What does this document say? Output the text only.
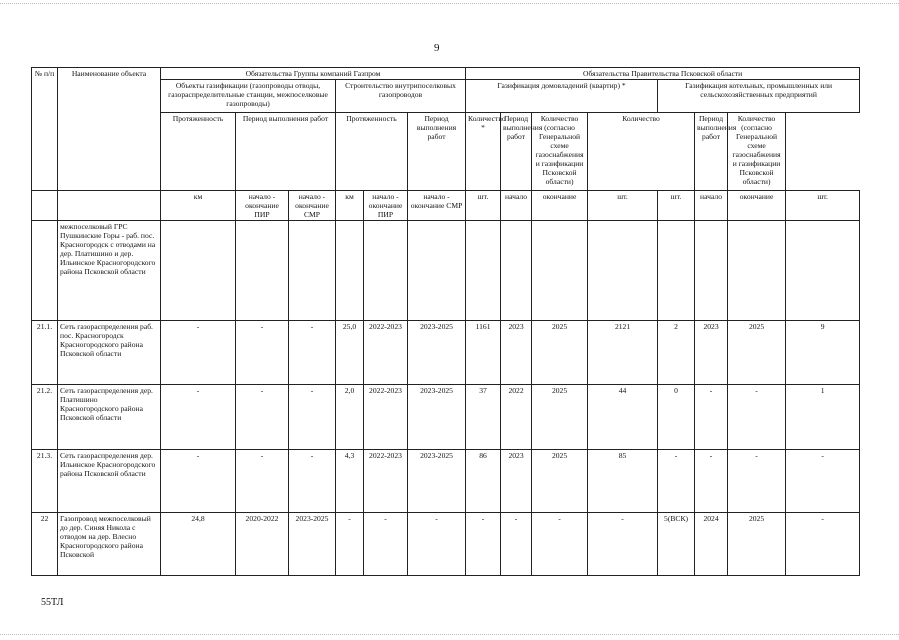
9
№ п/п	Наименование объекта	Обязательства Группы компаний Газпром						Обязательства Правительства Псковской области							
		Объекты газификации (газопроводы отводы, газораспределительные станции, межпоселковые газопроводы)			Строительство внутрипоселковых газопроводов			Газификация домовладений (квартир) *				Газификация котельных, промышленных или сельскохозяйственных предприятий			
		Протяженность	Период выполнения работ		Протяженность		Период выполнения работ	Количество *	Период выполнения работ	Количество (согласно Генеральной схеме газоснабжения и газификации Псковской области)	Количество		Период выполнения работ	Количество (согласно Генеральной схеме газоснабжения и газификации Псковской области)	
		км	начало - окончание ПИР	начало - окончание СМР	км	начало - окончание ПИР	начало - окончание СМР	шт.	начало	окончание	шт.	шт.	начало	окончание	шт.
	межпоселковый ГРС Пушкинские Горы - раб. пос. Красногородск с отводами на дер. Платишино и дер. Ильинское Красногородского района Псковской области														
21.1.	Сеть газораспределения раб. пос. Красногородск Красногородского района Псковской области	-	-	-	25,0	2022-2023	2023-2025	1161	2023	2025	2121	2	2023	2025	9
21.2.	Сеть газораспределения дер. Платишино Красногородского района Псковской области	-	-	-	2,0	2022-2023	2023-2025	37	2022	2025	44	0	-	-	1
21.3.	Сеть газораспределения дер. Ильинское Красногородского района Псковской области	-	-	-	4,3	2022-2023	2023-2025	86	2023	2025	85	-	-	-	-
22	Газопровод межпоселковый до дер. Синяя Никола с отводом на дер. Влесно Красногородского района Псковской	24,8	2020-2022	2023-2025	-	-	-	-	-	-	-	5(ВСК)	2024	2025	-
55ТЛ
